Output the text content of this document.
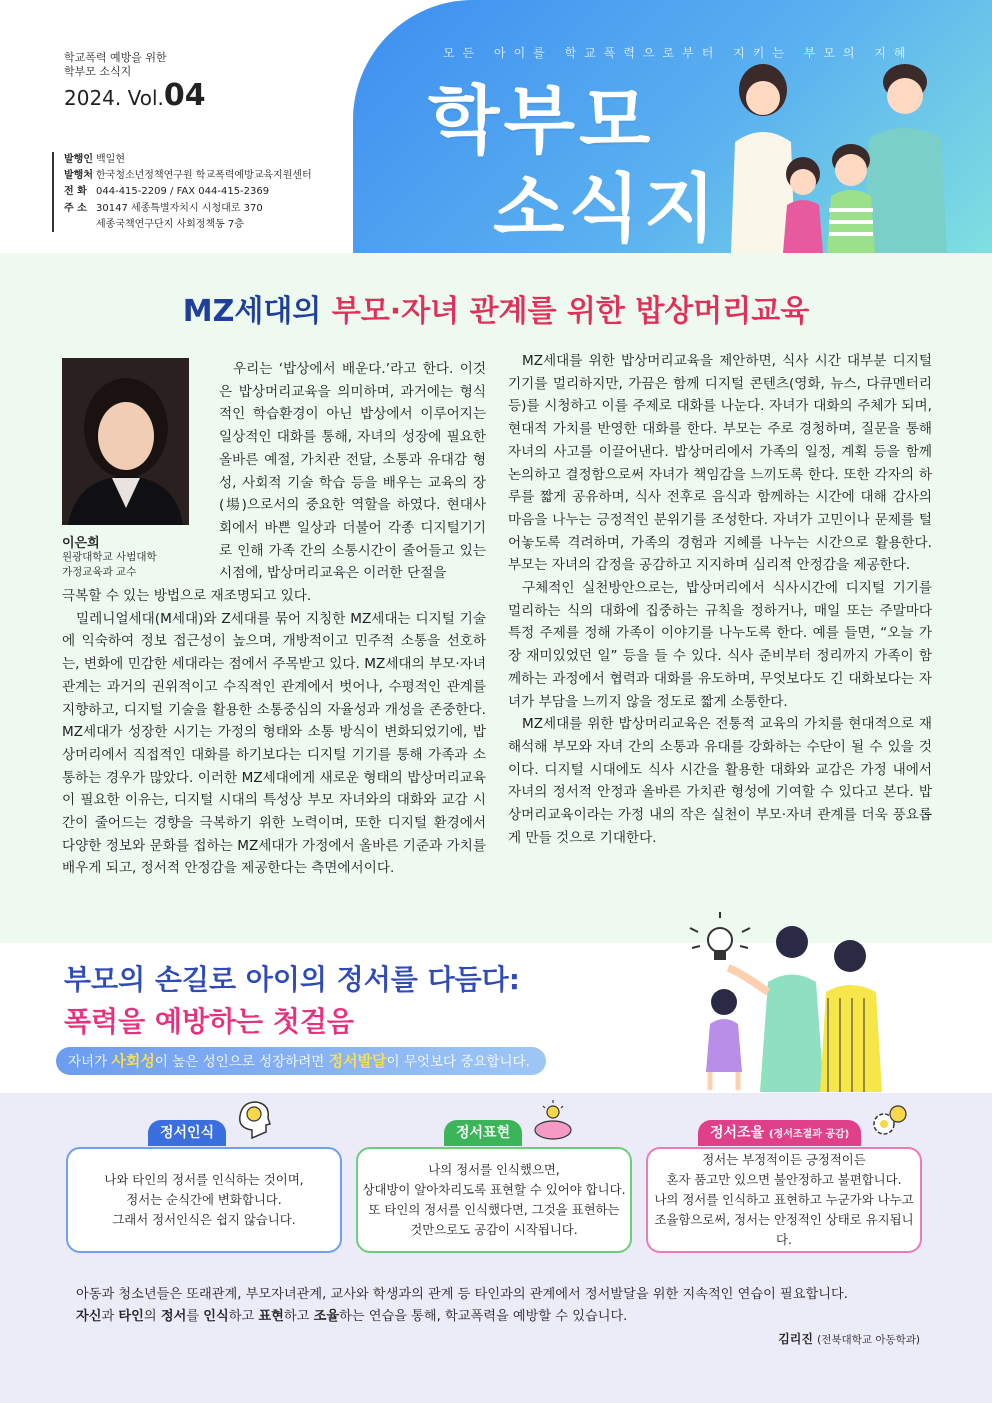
학교폭력 예방을 위한
학부모 소식지
2024. Vol.04
발행인 백일현
발행처 한국청소년정책연구원 학교폭력예방교육지원센터
전 화 044-415-2209 / FAX 044-415-2369
주 소 30147 세종특별자치시 시청대로 370
세종국책연구단지 사회정책동 7층
모든 아이를 학교폭력으로부터 지키는 부모의 지혜
학부모
소식지
MZ세대의 부모·자녀 관계를 위한 밥상머리교육
이은희
원광대학교 사범대학
가정교육과 교수
우리는 ‘밥상에서 배운다.’라고 한다. 이것은 밥상머리교육을 의미하며, 과거에는 형식적인 학습환경이 아닌 밥상에서 이루어지는 일상적인 대화를 통해, 자녀의 성장에 필요한 올바른 예절, 가치관 전달, 소통과 유대감 형성, 사회적 기술 학습 등을 배우는 교육의 장(場)으로서의 중요한 역할을 하였다. 현대사회에서 바쁜 일상과 더불어 각종 디지털기기로 인해 가족 간의 소통시간이 줄어들고 있는 시점에, 밥상머리교육은 이러한 단절을
극복할 수 있는 방법으로 재조명되고 있다.
밀레니얼세대(M세대)와 Z세대를 묶어 지칭한 MZ세대는 디지털 기술에 익숙하여 정보 접근성이 높으며, 개방적이고 민주적 소통을 선호하는, 변화에 민감한 세대라는 점에서 주목받고 있다. MZ세대의 부모·자녀 관계는 과거의 권위적이고 수직적인 관계에서 벗어나, 수평적인 관계를 지향하고, 디지털 기술을 활용한 소통중심의 자율성과 개성을 존중한다. MZ세대가 성장한 시기는 가정의 형태와 소통 방식이 변화되었기에, 밥상머리에서 직접적인 대화를 하기보다는 디지털 기기를 통해 가족과 소통하는 경우가 많았다. 이러한 MZ세대에게 새로운 형태의 밥상머리교육이 필요한 이유는, 디지털 시대의 특성상 부모 자녀와의 대화와 교감 시간이 줄어드는 경향을 극복하기 위한 노력이며, 또한 디지털 환경에서 다양한 정보와 문화를 접하는 MZ세대가 가정에서 올바른 기준과 가치를 배우게 되고, 정서적 안정감을 제공한다는 측면에서이다.
MZ세대를 위한 밥상머리교육을 제안하면, 식사 시간 대부분 디지털기기를 멀리하지만, 가끔은 함께 디지털 콘텐츠(영화, 뉴스, 다큐멘터리 등)를 시청하고 이를 주제로 대화를 나눈다. 자녀가 대화의 주체가 되며, 현대적 가치를 반영한 대화를 한다. 부모는 주로 경청하며, 질문을 통해 자녀의 사고를 이끌어낸다. 밥상머리에서 가족의 일정, 계획 등을 함께 논의하고 결정함으로써 자녀가 책임감을 느끼도록 한다. 또한 각자의 하루를 짧게 공유하며, 식사 전후로 음식과 함께하는 시간에 대해 감사의 마음을 나누는 긍정적인 분위기를 조성한다. 자녀가 고민이나 문제를 털어놓도록 격려하며, 가족의 경험과 지혜를 나누는 시간으로 활용한다. 부모는 자녀의 감정을 공감하고 지지하며 심리적 안정감을 제공한다.
구체적인 실천방안으로는, 밥상머리에서 식사시간에 디지털 기기를 멀리하는 식의 대화에 집중하는 규칙을 정하거나, 매일 또는 주말마다 특정 주제를 정해 가족이 이야기를 나누도록 한다. 예를 들면, “오늘 가장 재미있었던 일” 등을 들 수 있다. 식사 준비부터 정리까지 가족이 함께하는 과정에서 협력과 대화를 유도하며, 무엇보다도 긴 대화보다는 자녀가 부담을 느끼지 않을 정도로 짧게 소통한다.
MZ세대를 위한 밥상머리교육은 전통적 교육의 가치를 현대적으로 재해석해 부모와 자녀 간의 소통과 유대를 강화하는 수단이 될 수 있을 것이다. 디지털 시대에도 식사 시간을 활용한 대화와 교감은 가정 내에서 자녀의 정서적 안정과 올바른 가치관 형성에 기여할 수 있다고 본다. 밥상머리교육이라는 가정 내의 작은 실천이 부모·자녀 관계를 더욱 풍요롭게 만들 것으로 기대한다.
부모의 손길로 아이의 정서를 다듬다:
폭력을 예방하는 첫걸음
자녀가 사회성이 높은 성인으로 성장하려면 정서발달이 무엇보다 중요합니다.
정서인식
나와 타인의 정서를 인식하는 것이며,
정서는 순식간에 변화합니다.
그래서 정서인식은 쉽지 않습니다.
정서표현
나의 정서를 인식했으면,
상대방이 알아차리도록 표현할 수 있어야 합니다.
또 타인의 정서를 인식했다면, 그것을 표현하는
것만으로도 공감이 시작됩니다.
정서조율 (정서조절과 공감)
정서는 부정적이든 긍정적이든
혼자 품고만 있으면 불안정하고 불편합니다.
나의 정서를 인식하고 표현하고 누군가와 나누고
조율함으로써, 정서는 안정적인 상태로 유지됩니다.
아동과 청소년들은 또래관계, 부모자녀관계, 교사와 학생과의 관계 등 타인과의 관계에서 정서발달을 위한 지속적인 연습이 필요합니다.
자신과 타인의 정서를 인식하고 표현하고 조율하는 연습을 통해, 학교폭력을 예방할 수 있습니다.
김리진 (전북대학교 아동학과)
